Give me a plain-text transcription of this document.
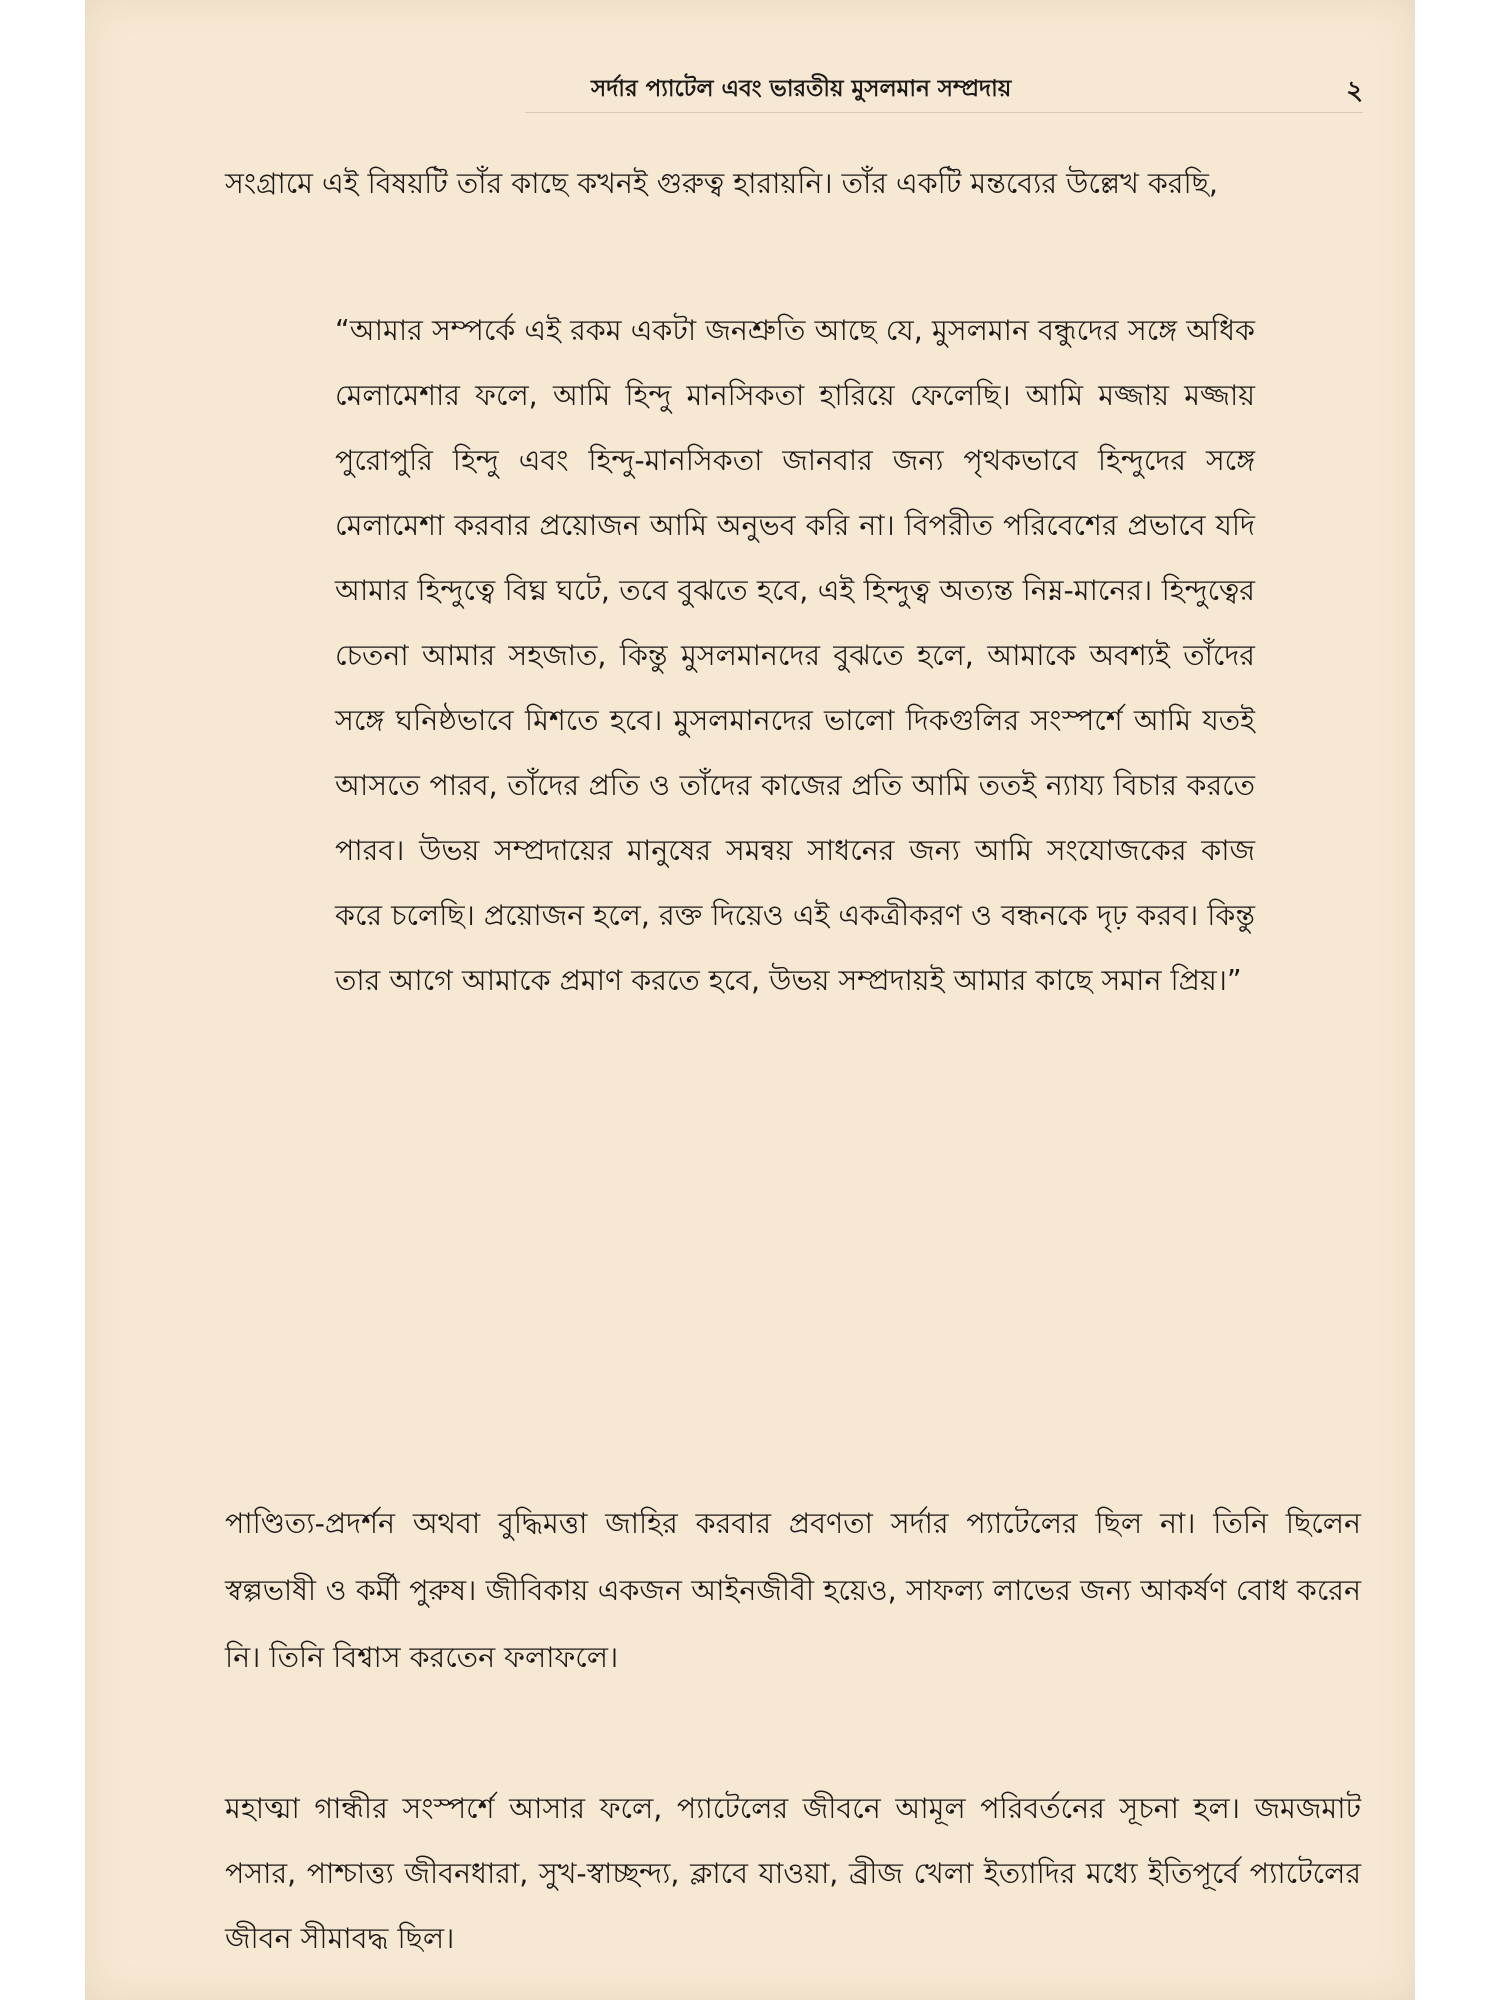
সর্দার প্যাটেল এবং ভারতীয় মুসলমান সম্প্রদায়	২

সংগ্রামে এই বিষয়টি তাঁর কাছে কখনই গুরুত্ব হারায়নি। তাঁর একটি মন্তব্যের উল্লেখ করছি,

“আমার সম্পর্কে এই রকম একটা জনশ্রুতি আছে যে, মুসলমান বন্ধুদের সঙ্গে অধিক মেলামেশার ফলে, আমি হিন্দু মানসিকতা হারিয়ে ফেলেছি। আমি মজ্জায় মজ্জায় পুরোপুরি হিন্দু এবং হিন্দু-মানসিকতা জানবার জন্য পৃথকভাবে হিন্দুদের সঙ্গে মেলামেশা করবার প্রয়োজন আমি অনুভব করি না। বিপরীত পরিবেশের প্রভাবে যদি আমার হিন্দুত্বে বিঘ্ন ঘটে, তবে বুঝতে হবে, এই হিন্দুত্ব অত্যন্ত নিম্ন-মানের। হিন্দুত্বের চেতনা আমার সহজাত, কিন্তু মুসলমানদের বুঝতে হলে, আমাকে অবশ্যই তাঁদের সঙ্গে ঘনিষ্ঠভাবে মিশতে হবে। মুসলমানদের ভালো দিকগুলির সংস্পর্শে আমি যতই আসতে পারব, তাঁদের প্রতি ও তাঁদের কাজের প্রতি আমি ততই ন্যায্য বিচার করতে পারব। উভয় সম্প্রদায়ের মানুষের সমন্বয় সাধনের জন্য আমি সংযোজকের কাজ করে চলেছি। প্রয়োজন হলে, রক্ত দিয়েও এই একত্রীকরণ ও বন্ধনকে দৃঢ় করব। কিন্তু তার আগে আমাকে প্রমাণ করতে হবে, উভয় সম্প্রদায়ই আমার কাছে সমান প্রিয়।”

পাণ্ডিত্য-প্রদর্শন অথবা বুদ্ধিমত্তা জাহির করবার প্রবণতা সর্দার প্যাটেলের ছিল না। তিনি ছিলেন স্বল্পভাষী ও কর্মী পুরুষ। জীবিকায় একজন আইনজীবী হয়েও, সাফল্য লাভের জন্য আকর্ষণ বোধ করেন নি। তিনি বিশ্বাস করতেন ফলাফলে।

মহাত্মা গান্ধীর সংস্পর্শে আসার ফলে, প্যাটেলের জীবনে আমূল পরিবর্তনের সূচনা হল। জমজমাট পসার, পাশ্চাত্ত্য জীবনধারা, সুখ-স্বাচ্ছন্দ্য, ক্লাবে যাওয়া, ব্রীজ খেলা ইত্যাদির মধ্যে ইতিপূর্বে প্যাটেলের জীবন সীমাবদ্ধ ছিল।
